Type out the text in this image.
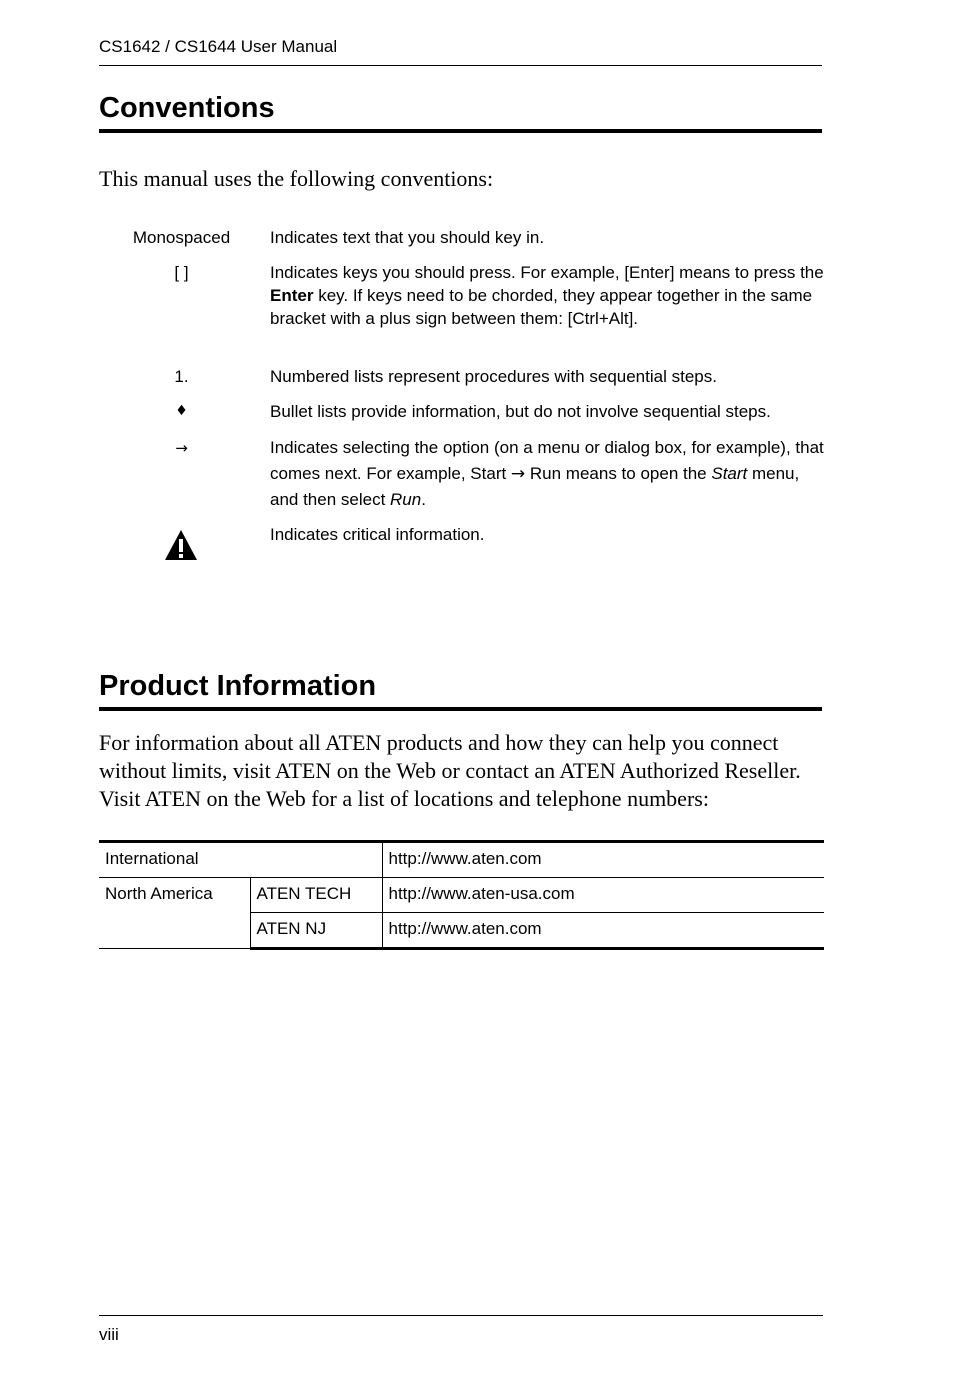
CS1642 / CS1644 User Manual
Conventions

This manual uses the following conventions:

Monospaced	Indicates text that you should key in.
[ ]	Indicates keys you should press. For example, [Enter] means to press the Enter key. If keys need to be chorded, they appear together in the same bracket with a plus sign between them: [Ctrl+Alt].
1.	Numbered lists represent procedures with sequential steps.
♦	Bullet lists provide information, but do not involve sequential steps.
→	Indicates selecting the option (on a menu or dialog box, for example), that comes next. For example, Start → Run means to open the Start menu, and then select Run.
Indicates critical information.
Product Information

For information about all ATEN products and how they can help you connect without limits, visit ATEN on the Web or contact an ATEN Authorized Reseller. Visit ATEN on the Web for a list of locations and telephone numbers:

International		http://www.aten.com
North America	ATEN TECH	http://www.aten-usa.com
	ATEN NJ	http://www.aten.com
viii
